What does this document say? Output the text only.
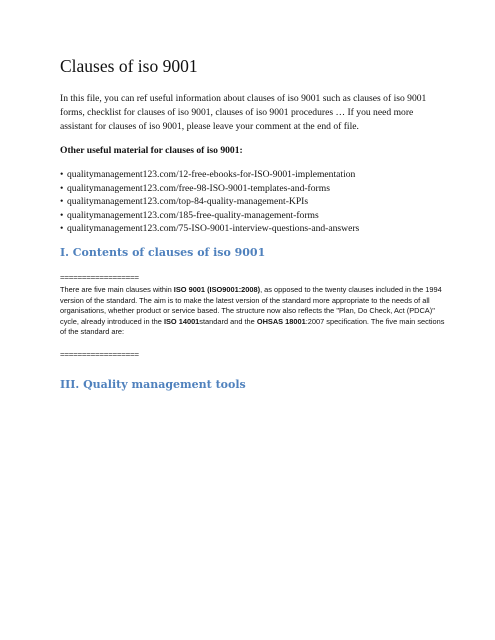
Clauses of iso 9001

In this file, you can ref useful information about clauses of iso 9001 such as clauses of iso 9001 forms, checklist for clauses of iso 9001, clauses of iso 9001 procedures … If you need more assistant for clauses of iso 9001, please leave your comment at the end of file.

Other useful material for clauses of iso 9001:

• qualitymanagement123.com/12-free-ebooks-for-ISO-9001-implementation
• qualitymanagement123.com/free-98-ISO-9001-templates-and-forms
• qualitymanagement123.com/top-84-quality-management-KPIs
• qualitymanagement123.com/185-free-quality-management-forms
• qualitymanagement123.com/75-ISO-9001-interview-questions-and-answers
I. Contents of clauses of iso 9001
==================

There are five main clauses within ISO 9001 (ISO9001:2008), as opposed to the twenty clauses included in the 1994 version of the standard. The aim is to make the latest version of the standard more appropriate to the needs of all organisations, whether product or service based. The structure now also reflects the "Plan, Do Check, Act (PDCA)" cycle, already introduced in the ISO 14001standard and the OHSAS 18001:2007 specification. The five main sections of the standard are:

==================
III. Quality management tools
